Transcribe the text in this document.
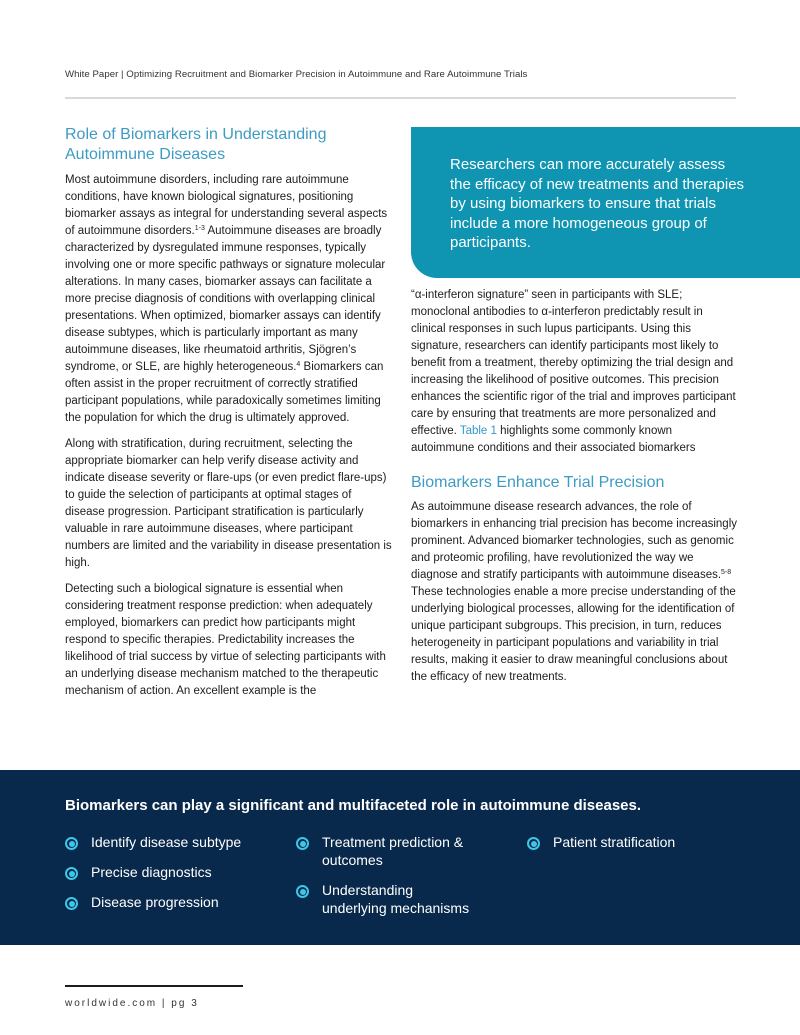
White Paper | Optimizing Recruitment and Biomarker Precision in Autoimmune and Rare Autoimmune Trials
Role of Biomarkers in Understanding Autoimmune Diseases

Most autoimmune disorders, including rare autoimmune conditions, have known biological signatures, positioning biomarker assays as integral for understanding several aspects of autoimmune disorders.$^{1-3}$ Autoimmune diseases are broadly characterized by dysregulated immune responses, typically involving one or more specific pathways or signature molecular alterations. In many cases, biomarker assays can facilitate a more precise diagnosis of conditions with overlapping clinical presentations. When optimized, biomarker assays can identify disease subtypes, which is particularly important as many autoimmune diseases, like rheumatoid arthritis, Sjögren’s syndrome, or SLE, are highly heterogeneous.$^4$ Biomarkers can often assist in the proper recruitment of correctly stratified participant populations, while paradoxically sometimes limiting the population for which the drug is ultimately approved.

Along with stratification, during recruitment, selecting the appropriate biomarker can help verify disease activity and indicate disease severity or flare-ups (or even predict flare-ups) to guide the selection of participants at optimal stages of disease progression. Participant stratification is particularly valuable in rare autoimmune diseases, where participant numbers are limited and the variability in disease presentation is high.

Detecting such a biological signature is essential when considering treatment response prediction: when adequately employed, biomarkers can predict how participants might respond to specific therapies. Predictability increases the likelihood of trial success by virtue of selecting participants with an underlying disease mechanism matched to the therapeutic mechanism of action. An excellent example is the

Researchers can more accurately assess the efficacy of new treatments and therapies by using biomarkers to ensure that trials include a more homogeneous group of participants.

“α-interferon signature” seen in participants with SLE; monoclonal antibodies to α-interferon predictably result in clinical responses in such lupus participants. Using this signature, researchers can identify participants most likely to benefit from a treatment, thereby optimizing the trial design and increasing the likelihood of positive outcomes. This precision enhances the scientific rigor of the trial and improves participant care by ensuring that treatments are more personalized and effective. Table 1 highlights some commonly known autoimmune conditions and their associated biomarkers

Biomarkers Enhance Trial Precision

As autoimmune disease research advances, the role of biomarkers in enhancing trial precision has become increasingly prominent. Advanced biomarker technologies, such as genomic and proteomic profiling, have revolutionized the way we diagnose and stratify participants with autoimmune diseases.$^{5-8}$ These technologies enable a more precise understanding of the underlying biological processes, allowing for the identification of unique participant subgroups. This precision, in turn, reduces heterogeneity in participant populations and variability in trial results, making it easier to draw meaningful conclusions about the efficacy of new treatments.

Biomarkers can play a significant and multifaceted role in autoimmune diseases.
Identify disease subtype
Precise diagnostics
Disease progression
Treatment prediction & outcomes
Understanding underlying mechanisms
Patient stratification
worldwide.com | pg 3
